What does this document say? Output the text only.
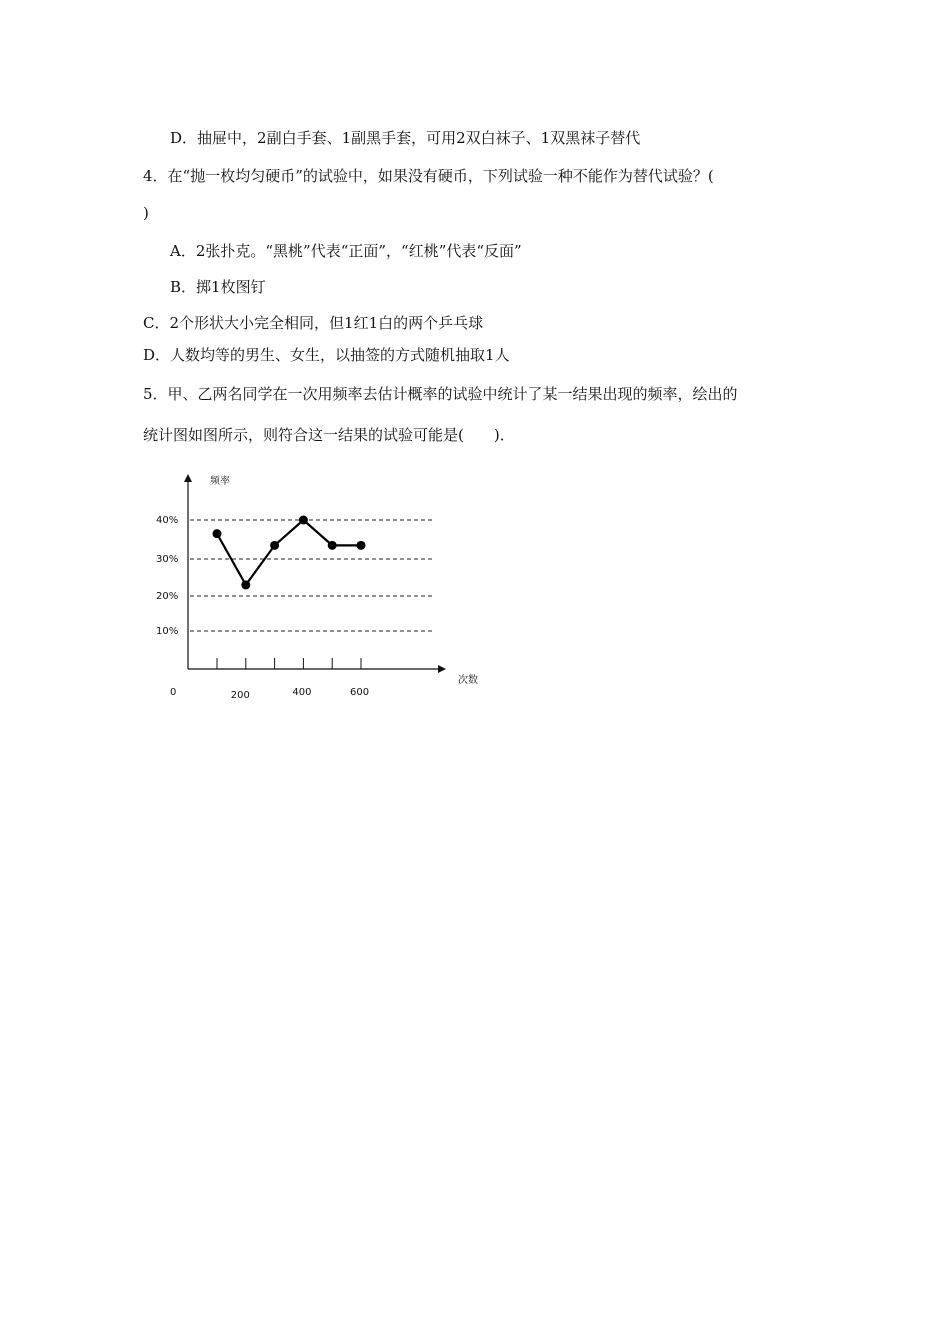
D．抽屉中，2副白手套、1副黑手套，可用2双白袜子、1双黑袜子替代
4．在“抛一枚均匀硬币”的试验中，如果没有硬币，下列试验一种不能作为替代试验？(
)
A．2张扑克。“黑桃”代表“正面”，“红桃”代表“反面”
B．掷1枚图钉
C．2个形状大小完全相同，但1红1白的两个乒乓球
D．人数均等的男生、女生，以抽签的方式随机抽取1人
5．甲、乙两名同学在一次用频率去估计概率的试验中统计了某一结果出现的频率，绘出的
统计图如图所示，则符合这一结果的试验可能是(　　)．
10%
20%
30%
40%
200	400	600
频率
次数
0
